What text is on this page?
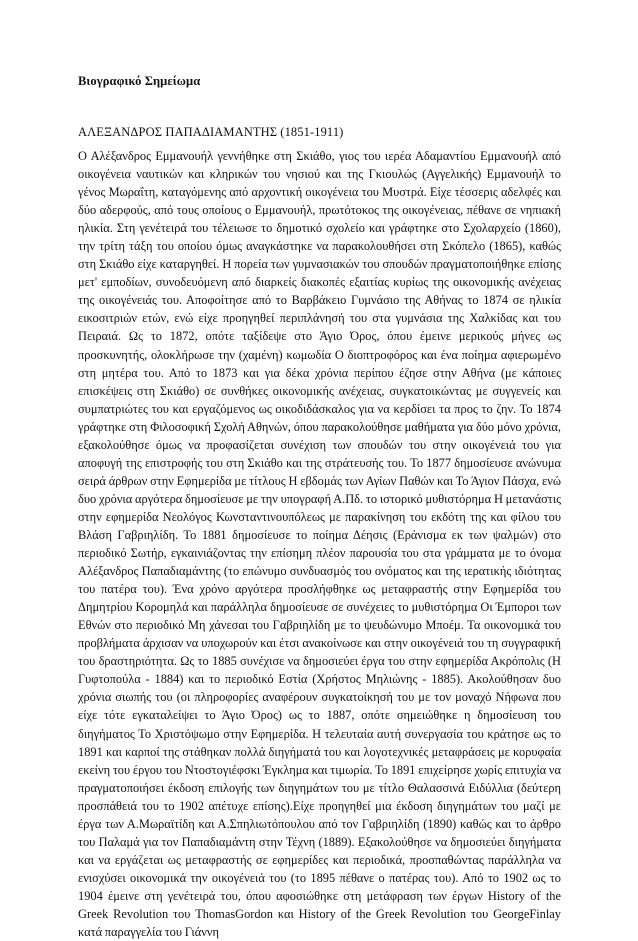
Βιογραφικό Σημείωμα

ΑΛΕΞΑΝΔΡΟΣ ΠΑΠΑΔΙΑΜΑΝΤΗΣ (1851-1911)

Ο Αλέξανδρος Εμμανουήλ γεννήθηκε στη Σκιάθο, γιος του ιερέα Αδαμαντίου Εμμανουήλ από οικογένεια ναυτικών και κληρικών του νησιού και της Γκιουλώς (Αγγελικής) Εμμανουήλ το γένος Μωραΐτη, καταγόμενης από αρχοντική οικογένεια του Μυστρά. Είχε τέσσερις αδελφές και δύο αδερφούς, από τους οποίους ο Εμμανουήλ, πρωτότοκος της οικογένειας, πέθανε σε νηπιακή ηλικία. Στη γενέτειρά του τέλειωσε το δημοτικό σχολείο και γράφτηκε στο Σχολαρχείο (1860), την τρίτη τάξη του οποίου όμως αναγκάστηκε να παρακολουθήσει στη Σκόπελο (1865), καθώς στη Σκιάθο είχε καταργηθεί. Η πορεία των γυμνασιακών του σπουδών πραγματοποιήθηκε επίσης μετ' εμποδίων, συνοδευόμενη από διαρκείς διακοπές εξαιτίας κυρίως της οικονομικής ανέχειας της οικογένειάς του. Αποφοίτησε από το Βαρβάκειο Γυμνάσιο της Αθήνας το 1874 σε ηλικία εικοσιτριών ετών, ενώ είχε προηγηθεί περιπλάνησή του στα γυμνάσια της Χαλκίδας και του Πειραιά. Ως το 1872, οπότε ταξίδεψε στο Άγιο Όρος, όπου έμεινε μερικούς μήνες ως προσκυνητής, ολοκλήρωσε την (χαμένη) κωμωδία Ο διοπτροφόρος και ένα ποίημα αφιερωμένο στη μητέρα του. Από το 1873 και για δέκα χρόνια περίπου έζησε στην Αθήνα (με κάποιες επισκέψεις στη Σκιάθο) σε συνθήκες οικονομικής ανέχειας, συγκατοικώντας με συγγενείς και συμπατριώτες του και εργαζόμενος ως οικοδιδάσκαλος για να κερδίσει τα προς το ζην. Το 1874 γράφτηκε στη Φιλοσοφική Σχολή Αθηνών, όπου παρακολούθησε μαθήματα για δύο μόνο χρόνια, εξακολούθησε όμως να προφασίζεται συνέχιση των σπουδών του στην οικογένειά του για αποφυγή της επιστροφής του στη Σκιάθο και της στράτευσής του. Το 1877 δημοσίευσε ανώνυμα σειρά άρθρων στην Εφημερίδα με τίτλους Η εβδομάς των Αγίων Παθών και Το Άγιον Πάσχα, ενώ δυο χρόνια αργότερα δημοσίευσε με την υπογραφή Α.Πδ. το ιστορικό μυθιστόρημα Η μετανάστις στην εφημερίδα Νεολόγος Κωνσταντινουπόλεως με παρακίνηση του εκδότη της και φίλου του Βλάση Γαβριηλίδη. Το 1881 δημοσίευσε το ποίημα Δέησις (Εράνισμα εκ των ψαλμών) στο περιοδικό Σωτήρ, εγκαινιάζοντας την επίσημη πλέον παρουσία του στα γράμματα με το όνομα Αλέξανδρος Παπαδιαμάντης (το επώνυμο συνδυασμός του ονόματος και της ιερατικής ιδιότητας του πατέρα του). Ένα χρόνο αργότερα προσλήφθηκε ως μεταφραστής στην Εφημερίδα του Δημητρίου Κορομηλά και παράλληλα δημοσίευσε σε συνέχειες το μυθιστόρημα Οι Έμποροι των Εθνών στο περιοδικό Μη χάνεσαι του Γαβριηλίδη με το ψευδώνυμο Μποέμ. Τα οικονομικά του προβλήματα άρχισαν να υποχωρούν και έτσι ανακοίνωσε και στην οικογένειά του τη συγγραφική του δραστηριότητα. Ως το 1885 συνέχισε να δημοσιεύει έργα του στην εφημερίδα Ακρόπολις (Η Γυφτοπούλα - 1884) και το περιοδικό Εστία (Χρήστος Μηλιώνης - 1885). Ακολούθησαν δυο χρόνια σιωπής του (οι πληροφορίες αναφέρουν συγκατοίκησή του με τον μοναχό Νήφωνα που είχε τότε εγκαταλείψει το Άγιο Όρος) ως το 1887, οπότε σημειώθηκε η δημοσίευση του διηγήματος Το Χριστόψωμο στην Εφημερίδα. Η τελευταία αυτή συνεργασία του κράτησε ως το 1891 και καρποί της στάθηκαν πολλά διηγήματά του και λογοτεχνικές μεταφράσεις με κορυφαία εκείνη του έργου του Ντοστογιέφσκι Έγκλημα και τιμωρία. Το 1891 επιχείρησε χωρίς επιτυχία να πραγματοποιήσει έκδοση επιλογής των διηγημάτων του με τίτλο Θαλασσινά Ειδύλλια (δεύτερη προσπάθειά του το 1902 απέτυχε επίσης).Είχε προηγηθεί μια έκδοση διηγημάτων του μαζί με έργα των Α.Μωραϊτίδη και Α.Σπηλιωτόπουλου από τον Γαβριηλίδη (1890) καθώς και το άρθρο του Παλαμά για τον Παπαδιαμάντη στην Τέχνη (1889). Εξακολούθησε να δημοσιεύει διηγήματα και να εργάζεται ως μεταφραστής σε εφημερίδες και περιοδικά, προσπαθώντας παράλληλα να ενισχύσει οικονομικά την οικογένειά του (το 1895 πέθανε ο πατέρας του). Από το 1902 ως το 1904 έμεινε στη γενέτειρά του, όπου αφοσιώθηκε στη μετάφραση των έργων History of the Greek Revolution του ThomasGordon και History of the Greek Revolution του GeorgeFinlay κατά παραγγελία του Γιάννη
